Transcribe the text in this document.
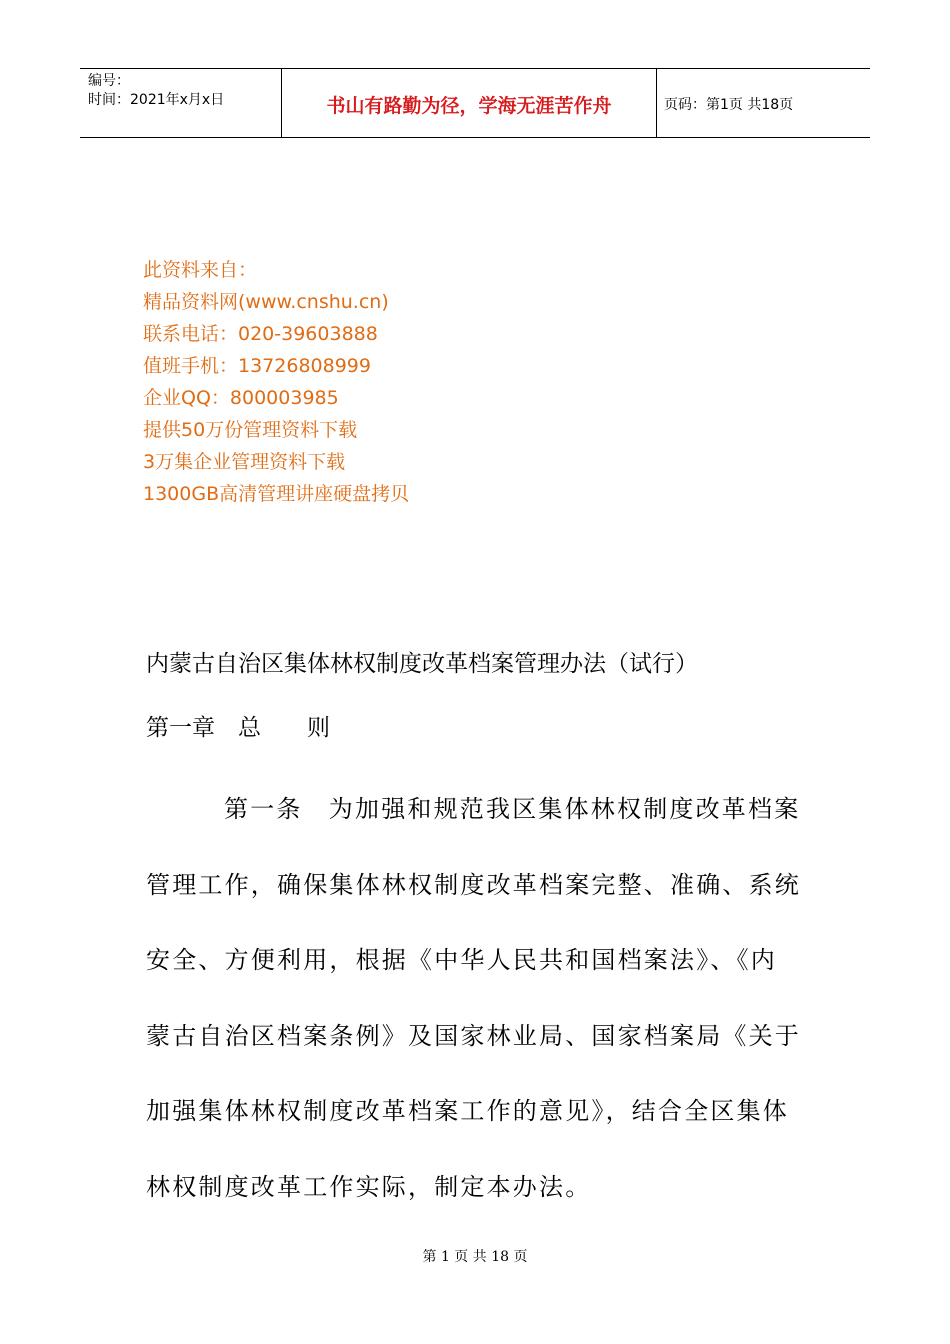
编号：
时间：2021年x月x日	书山有路勤为径，学海无涯苦作舟	页码：第1页 共18页
此资料来自：
精品资料网(www.cnshu.cn)
联系电话：020-39603888
值班手机：13726808999
企业QQ：800003985
提供50万份管理资料下载
3万集企业管理资料下载
1300GB高清管理讲座硬盘拷贝
内蒙古自治区集体林权制度改革档案管理办法（试行）
第一章　总　　则
第一条　为加强和规范我区集体林权制度改革档案
管理工作，确保集体林权制度改革档案完整、准确、系统
安全、方便利用，根据《中华人民共和国档案法》、《内
蒙古自治区档案条例》及国家林业局、国家档案局《关于
加强集体林权制度改革档案工作的意见》，结合全区集体
林权制度改革工作实际，制定本办法。
第 1 页 共 18 页
